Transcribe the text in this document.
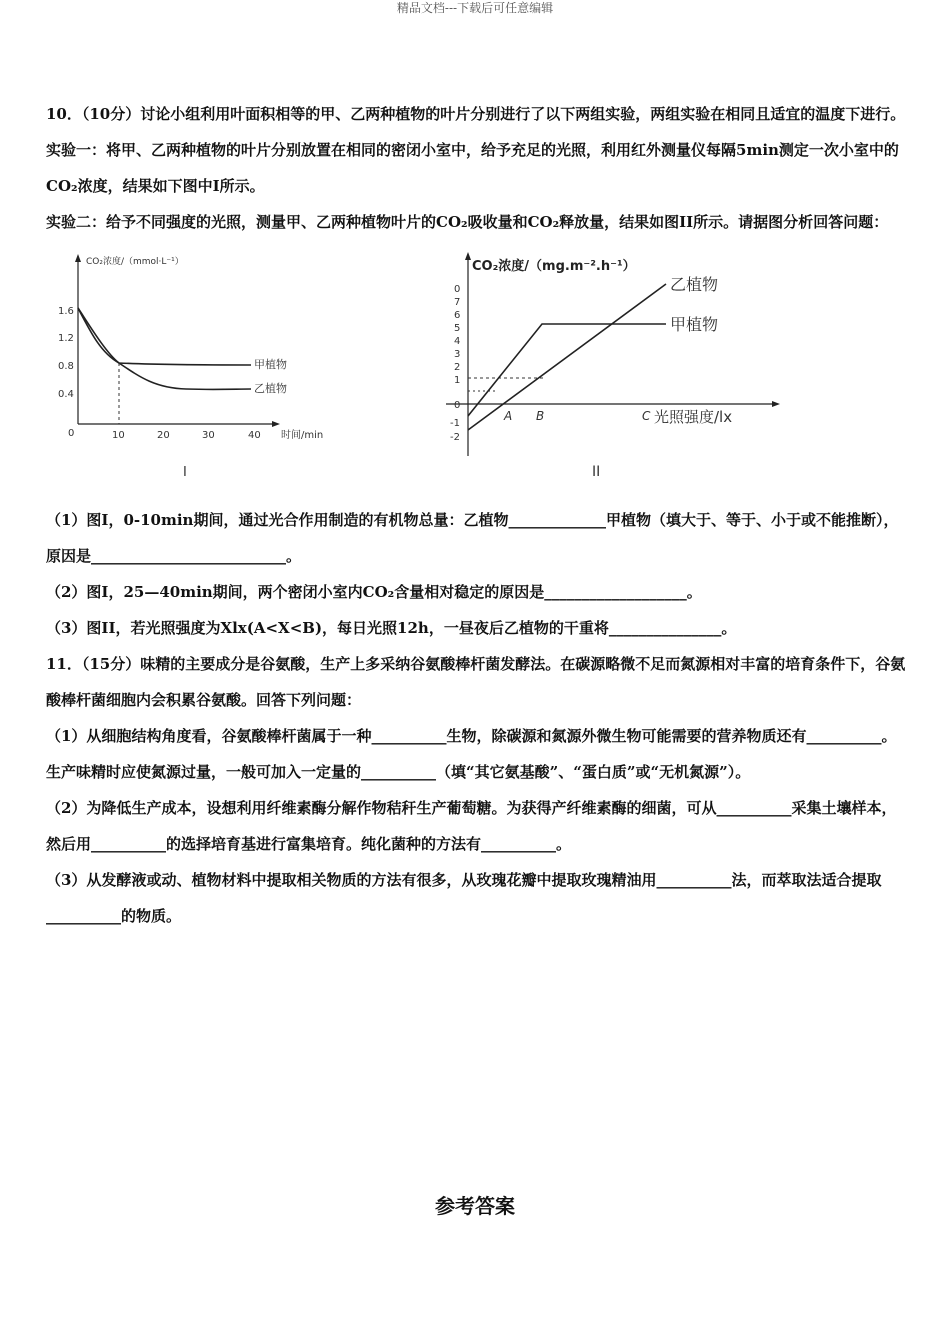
精品文档---下载后可任意编辑

10．（10分）讨论小组利用叶面积相等的甲、乙两种植物的叶片分别进行了以下两组实验，两组实验在相同且适宜的温度下进行。

实验一：将甲、乙两种植物的叶片分别放置在相同的密闭小室中，给予充足的光照，利用红外测量仪每隔5min测定一次小室中的CO₂浓度，结果如下图中I所示。

实验二：给予不同强度的光照，测量甲、乙两种植物叶片的CO₂吸收量和CO₂释放量，结果如图II所示。请据图分析回答问题：

CO₂浓度/（mmol·L⁻¹）
时间/min
0.4
0.8
1.2
1.6
0	10	20	30	40
甲植物
乙植物
I
CO₂浓度/（mg.m⁻².h⁻¹）
光照强度/lx
0
7
6
5
4
3
2
1
0
-1
-2
A B	C
乙植物
甲植物
II

（1）图I，0-10min期间，通过光合作用制造的有机物总量：乙植物_____________甲植物（填大于、等于、小于或不能推断），原因是__________________________。

（2）图I，25—40min期间，两个密闭小室内CO₂含量相对稳定的原因是___________________。

（3）图II，若光照强度为Xlx(A<X<B)，每日光照12h，一昼夜后乙植物的干重将_______________。

11．（15分）味精的主要成分是谷氨酸，生产上多采纳谷氨酸棒杆菌发酵法。在碳源略微不足而氮源相对丰富的培育条件下，谷氨酸棒杆菌细胞内会积累谷氨酸。回答下列问题：

（1）从细胞结构角度看，谷氨酸棒杆菌属于一种__________生物，除碳源和氮源外微生物可能需要的营养物质还有__________。生产味精时应使氮源过量，一般可加入一定量的__________（填“其它氨基酸”、“蛋白质”或“无机氮源”）。

（2）为降低生产成本，设想利用纤维素酶分解作物秸秆生产葡萄糖。为获得产纤维素酶的细菌，可从__________采集土壤样本，然后用__________的选择培育基进行富集培育。纯化菌种的方法有__________。

（3）从发酵液或动、植物材料中提取相关物质的方法有很多，从玫瑰花瓣中提取玫瑰精油用__________法，而萃取法适合提取__________的物质。

参考答案
